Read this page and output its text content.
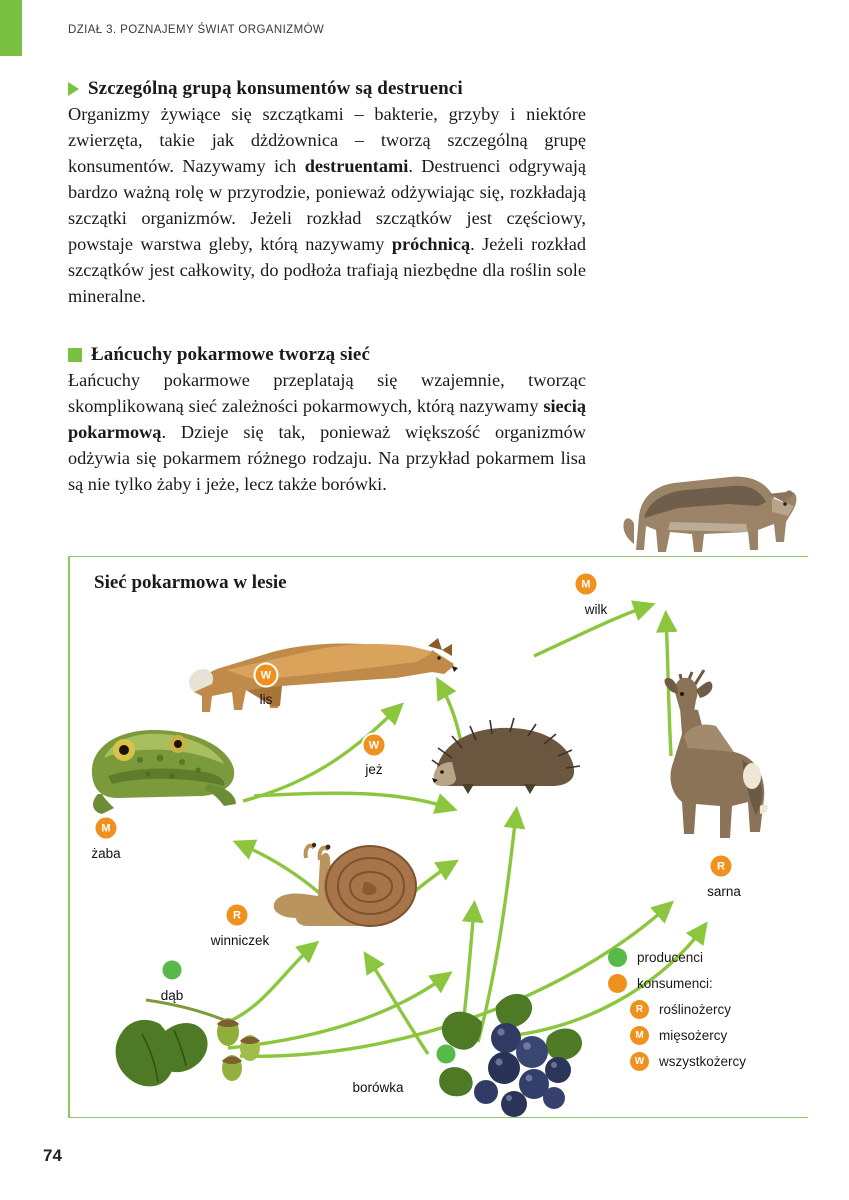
DZIAŁ 3. POZNAJEMY ŚWIAT ORGANIZMÓW
Szczególną grupą konsumentów są destruenci

Organizmy żywiące się szczątkami – bakterie, grzyby i niektóre zwierzęta, takie jak dżdżownica – tworzą szczególną grupę konsumentów. Nazywamy ich destruentami. Destruenci odgrywają bardzo ważną rolę w przyrodzie, ponieważ odżywiając się, rozkładają szczątki organizmów. Jeżeli rozkład szczątków jest częściowy, powstaje warstwa gleby, którą nazywamy próchnicą. Jeżeli rozkład szczątków jest całkowity, do podłoża trafiają niezbędne dla roślin sole mineralne.

Łańcuchy pokarmowe tworzą sieć

Łańcuchy pokarmowe przeplatają się wzajemnie, tworząc skomplikowaną sieć zależności pokarmowych, którą nazywamy siecią pokarmową. Dzieje się tak, ponieważ większość organizmów odżywia się pokarmem różnego rodzaju. Na przykład pokarmem lisa są nie tylko żaby i jeże, lecz także borówki.

Sieć pokarmowa w lesie	M
wilk
W
lis
W
jeż
M
żaba
R
sarna
R
winniczek
dąb
borówka
producenci
konsumenci:
R	roślinożercy
M	mięsożercy
W	wszystkożercy
74
